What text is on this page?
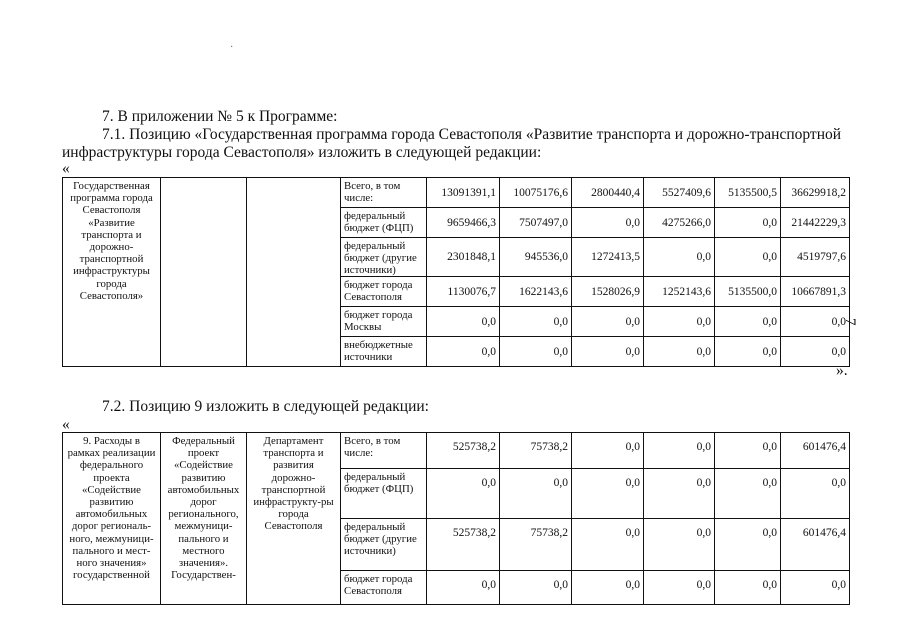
·
7. В приложении № 5 к Программе:
7.1. Позицию «Государственная программа города Севастополя «Развитие транспорта и дорожно-транспортной
инфраструктуры города Севастополя» изложить в следующей редакции:
«
Государственная программа города Севастополя «Развитие транспорта и дорожно-транспортной инфраструктуры города Севастополя»			Всего, в том числе:	13091391,1	10075176,6	2800440,4	5527409,6	5135500,5	36629918,2
			федеральный бюджет (ФЦП)	9659466,3	7507497,0	0,0	4275266,0	0,0	21442229,3
			федеральный бюджет (другие источники)	2301848,1	945536,0	1272413,5	0,0	0,0	4519797,6
			бюджет города Севастополя	1130076,7	1622143,6	1528026,9	1252143,6	5135500,0	10667891,3
			бюджет города Москвы	0,0	0,0	0,0	0,0	0,0	0,0
			внебюджетные источники	0,0	0,0	0,0	0,0	0,0	0,0
».
7
7.2. Позицию 9 изложить в следующей редакции:
«
9. Расходы в рамках реализации федерального проекта «Содействие развитию автомобильных дорог региональ-ного, межмуници-пального и мест-ного значения» государственной	Федеральный проект «Содействие развитию автомобильных дорог регионального, межмуници-пального и местного значения». Государствен-	Департамент транспорта и развития дорожно-транспортной инфраструкту-ры города Севастополя	Всего, в том числе:	525738,2	75738,2	0,0	0,0	0,0	601476,4
			федеральный бюджет (ФЦП)	0,0	0,0	0,0	0,0	0,0	0,0
			федеральный бюджет (другие источники)	525738,2	75738,2	0,0	0,0	0,0	601476,4
			бюджет города Севастополя	0,0	0,0	0,0	0,0	0,0	0,0
